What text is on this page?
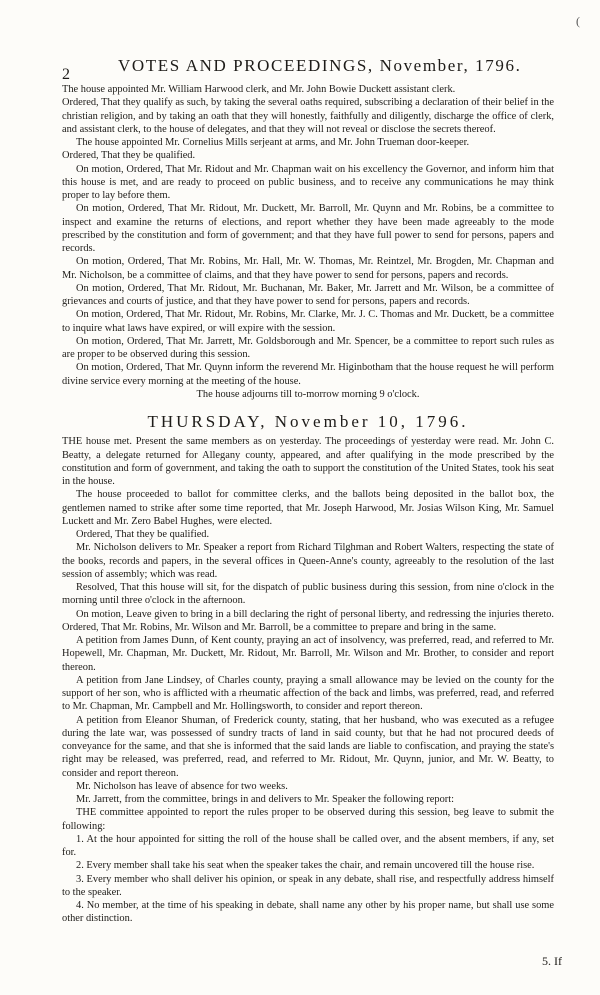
(
2	VOTES AND PROCEEDINGS, November, 1796.

The house appointed Mr. William Harwood clerk, and Mr. John Bowie Duckett assistant clerk.

Ordered, That they qualify as such, by taking the several oaths required, subscribing a declaration of their belief in the christian religion, and by taking an oath that they will honestly, faithfully and diligently, discharge the office of clerk, and assistant clerk, to the house of delegates, and that they will not reveal or disclose the secrets thereof.

The house appointed Mr. Cornelius Mills serjeant at arms, and Mr. John Trueman door-keeper.

Ordered, That they be qualified.

On motion, Ordered, That Mr. Ridout and Mr. Chapman wait on his excellency the Governor, and inform him that this house is met, and are ready to proceed on public business, and to receive any communications he may think proper to lay before them.

On motion, Ordered, That Mr. Ridout, Mr. Duckett, Mr. Barroll, Mr. Quynn and Mr. Robins, be a committee to inspect and examine the returns of elections, and report whether they have been made agreeably to the mode prescribed by the constitution and form of government; and that they have full power to send for persons, papers and records.

On motion, Ordered, That Mr. Robins, Mr. Hall, Mr. W. Thomas, Mr. Reintzel, Mr. Brogden, Mr. Chapman and Mr. Nicholson, be a committee of claims, and that they have power to send for persons, papers and records.

On motion, Ordered, That Mr. Ridout, Mr. Buchanan, Mr. Baker, Mr. Jarrett and Mr. Wilson, be a committee of grievances and courts of justice, and that they have power to send for persons, papers and records.

On motion, Ordered, That Mr. Ridout, Mr. Robins, Mr. Clarke, Mr. J. C. Thomas and Mr. Duckett, be a committee to inquire what laws have expired, or will expire with the session.

On motion, Ordered, That Mr. Jarrett, Mr. Goldsborough and Mr. Spencer, be a committee to report such rules as are proper to be observed during this session.

On motion, Ordered, That Mr. Quynn inform the reverend Mr. Higinbotham that the house request he will perform divine service every morning at the meeting of the house.

The house adjourns till to-morrow morning 9 o'clock.

THURSDAY, November 10, 1796.

THE house met. Present the same members as on yesterday. The proceedings of yesterday were read. Mr. John C. Beatty, a delegate returned for Allegany county, appeared, and after qualifying in the mode prescribed by the constitution and form of government, and taking the oath to support the constitution of the United States, took his seat in the house.

The house proceeded to ballot for committee clerks, and the ballots being deposited in the ballot box, the gentlemen named to strike after some time reported, that Mr. Joseph Harwood, Mr. Josias Wilson King, Mr. Samuel Luckett and Mr. Zero Babel Hughes, were elected.

Ordered, That they be qualified.

Mr. Nicholson delivers to Mr. Speaker a report from Richard Tilghman and Robert Walters, respecting the state of the books, records and papers, in the several offices in Queen-Anne's county, agreeably to the resolution of the last session of assembly; which was read.

Resolved, That this house will sit, for the dispatch of public business during this session, from nine o'clock in the morning until three o'clock in the afternoon.

On motion, Leave given to bring in a bill declaring the right of personal liberty, and redressing the injuries thereto. Ordered, That Mr. Robins, Mr. Wilson and Mr. Barroll, be a committee to prepare and bring in the same.

A petition from James Dunn, of Kent county, praying an act of insolvency, was preferred, read, and referred to Mr. Hopewell, Mr. Chapman, Mr. Duckett, Mr. Ridout, Mr. Barroll, Mr. Wilson and Mr. Brother, to consider and report thereon.

A petition from Jane Lindsey, of Charles county, praying a small allowance may be levied on the county for the support of her son, who is afflicted with a rheumatic affection of the back and limbs, was preferred, read, and referred to Mr. Chapman, Mr. Campbell and Mr. Hollingsworth, to consider and report thereon.

A petition from Eleanor Shuman, of Frederick county, stating, that her husband, who was executed as a refugee during the late war, was possessed of sundry tracts of land in said county, but that he had not procured deeds of conveyance for the same, and that she is informed that the said lands are liable to confiscation, and praying the state's right may be released, was preferred, read, and referred to Mr. Ridout, Mr. Quynn, junior, and Mr. W. Beatty, to consider and report thereon.

Mr. Nicholson has leave of absence for two weeks.

Mr. Jarrett, from the committee, brings in and delivers to Mr. Speaker the following report:

THE committee appointed to report the rules proper to be observed during this session, beg leave to submit the following:

1. At the hour appointed for sitting the roll of the house shall be called over, and the absent members, if any, set for.

2. Every member shall take his seat when the speaker takes the chair, and remain uncovered till the house rise.

3. Every member who shall deliver his opinion, or speak in any debate, shall rise, and respectfully address himself to the speaker.

4. No member, at the time of his speaking in debate, shall name any other by his proper name, but shall use some other distinction.

5. If
